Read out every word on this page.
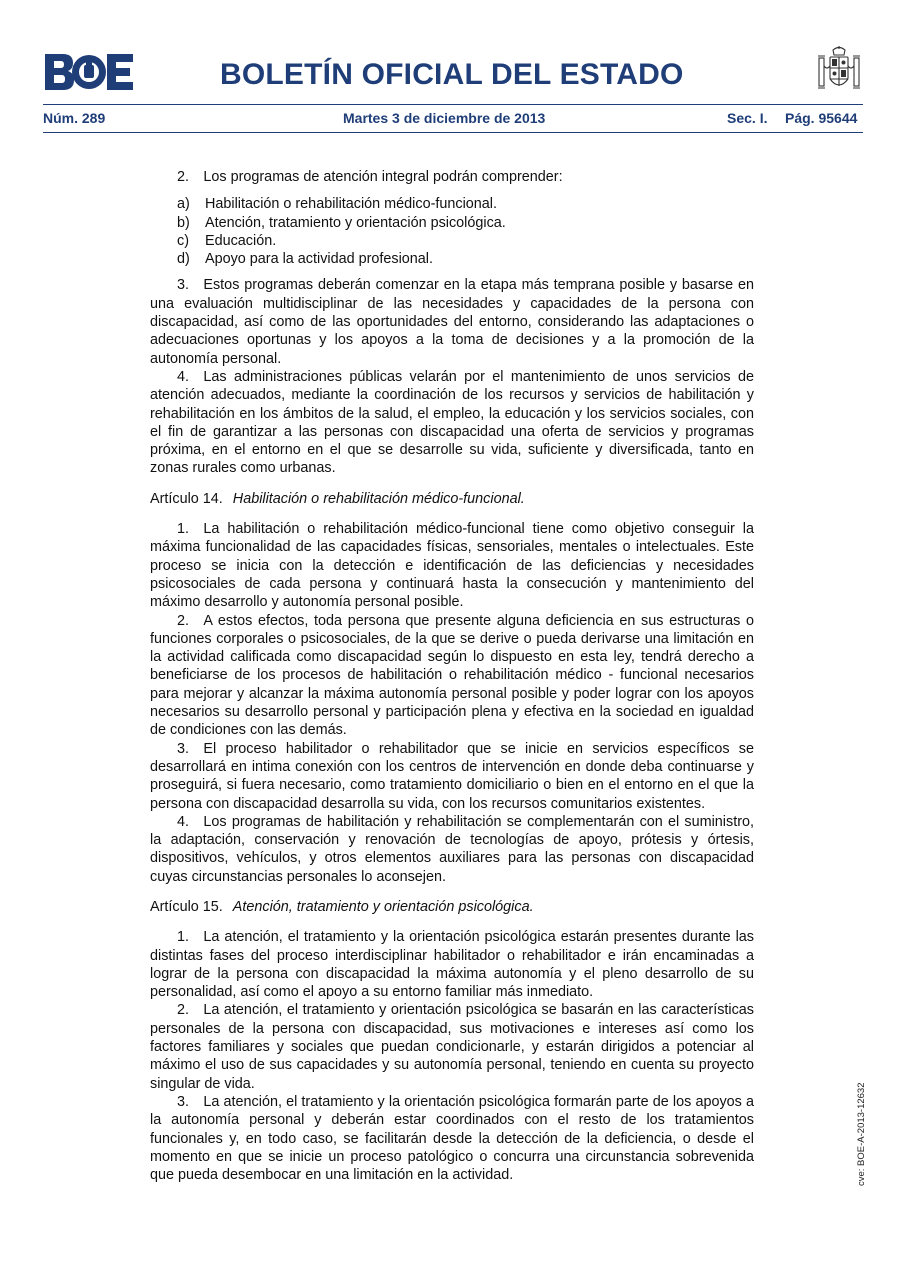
BOLETÍN OFICIAL DEL ESTADO
Núm. 289	Martes 3 de diciembre de 2013	Sec. I. Pág. 95644

2. Los programas de atención integral podrán comprender:

a)	Habilitación o rehabilitación médico-funcional.
b)	Atención, tratamiento y orientación psicológica.
c)	Educación.
d)	Apoyo para la actividad profesional.

3. Estos programas deberán comenzar en la etapa más temprana posible y basarse en una evaluación multidisciplinar de las necesidades y capacidades de la persona con discapacidad, así como de las oportunidades del entorno, considerando las adaptaciones o adecuaciones oportunas y los apoyos a la toma de decisiones y a la promoción de la autonomía personal.

4. Las administraciones públicas velarán por el mantenimiento de unos servicios de atención adecuados, mediante la coordinación de los recursos y servicios de habilitación y rehabilitación en los ámbitos de la salud, el empleo, la educación y los servicios sociales, con el fin de garantizar a las personas con discapacidad una oferta de servicios y programas próxima, en el entorno en el que se desarrolle su vida, suficiente y diversificada, tanto en zonas rurales como urbanas.

Artículo 14. Habilitación o rehabilitación médico-funcional.

1. La habilitación o rehabilitación médico-funcional tiene como objetivo conseguir la máxima funcionalidad de las capacidades físicas, sensoriales, mentales o intelectuales. Este proceso se inicia con la detección e identificación de las deficiencias y necesidades psicosociales de cada persona y continuará hasta la consecución y mantenimiento del máximo desarrollo y autonomía personal posible.

2. A estos efectos, toda persona que presente alguna deficiencia en sus estructuras o funciones corporales o psicosociales, de la que se derive o pueda derivarse una limitación en la actividad calificada como discapacidad según lo dispuesto en esta ley, tendrá derecho a beneficiarse de los procesos de habilitación o rehabilitación médico - funcional necesarios para mejorar y alcanzar la máxima autonomía personal posible y poder lograr con los apoyos necesarios su desarrollo personal y participación plena y efectiva en la sociedad en igualdad de condiciones con las demás.

3. El proceso habilitador o rehabilitador que se inicie en servicios específicos se desarrollará en intima conexión con los centros de intervención en donde deba continuarse y proseguirá, si fuera necesario, como tratamiento domiciliario o bien en el entorno en el que la persona con discapacidad desarrolla su vida, con los recursos comunitarios existentes.

4. Los programas de habilitación y rehabilitación se complementarán con el suministro, la adaptación, conservación y renovación de tecnologías de apoyo, prótesis y órtesis, dispositivos, vehículos, y otros elementos auxiliares para las personas con discapacidad cuyas circunstancias personales lo aconsejen.

Artículo 15. Atención, tratamiento y orientación psicológica.

1. La atención, el tratamiento y la orientación psicológica estarán presentes durante las distintas fases del proceso interdisciplinar habilitador o rehabilitador e irán encaminadas a lograr de la persona con discapacidad la máxima autonomía y el pleno desarrollo de su personalidad, así como el apoyo a su entorno familiar más inmediato.

2. La atención, el tratamiento y orientación psicológica se basarán en las características personales de la persona con discapacidad, sus motivaciones e intereses así como los factores familiares y sociales que puedan condicionarle, y estarán dirigidos a potenciar al máximo el uso de sus capacidades y su autonomía personal, teniendo en cuenta su proyecto singular de vida.

3. La atención, el tratamiento y la orientación psicológica formarán parte de los apoyos a la autonomía personal y deberán estar coordinados con el resto de los tratamientos funcionales y, en todo caso, se facilitarán desde la detección de la deficiencia, o desde el momento en que se inicie un proceso patológico o concurra una circunstancia sobrevenida que pueda desembocar en una limitación en la actividad.	cve: BOE-A-2013-12632
